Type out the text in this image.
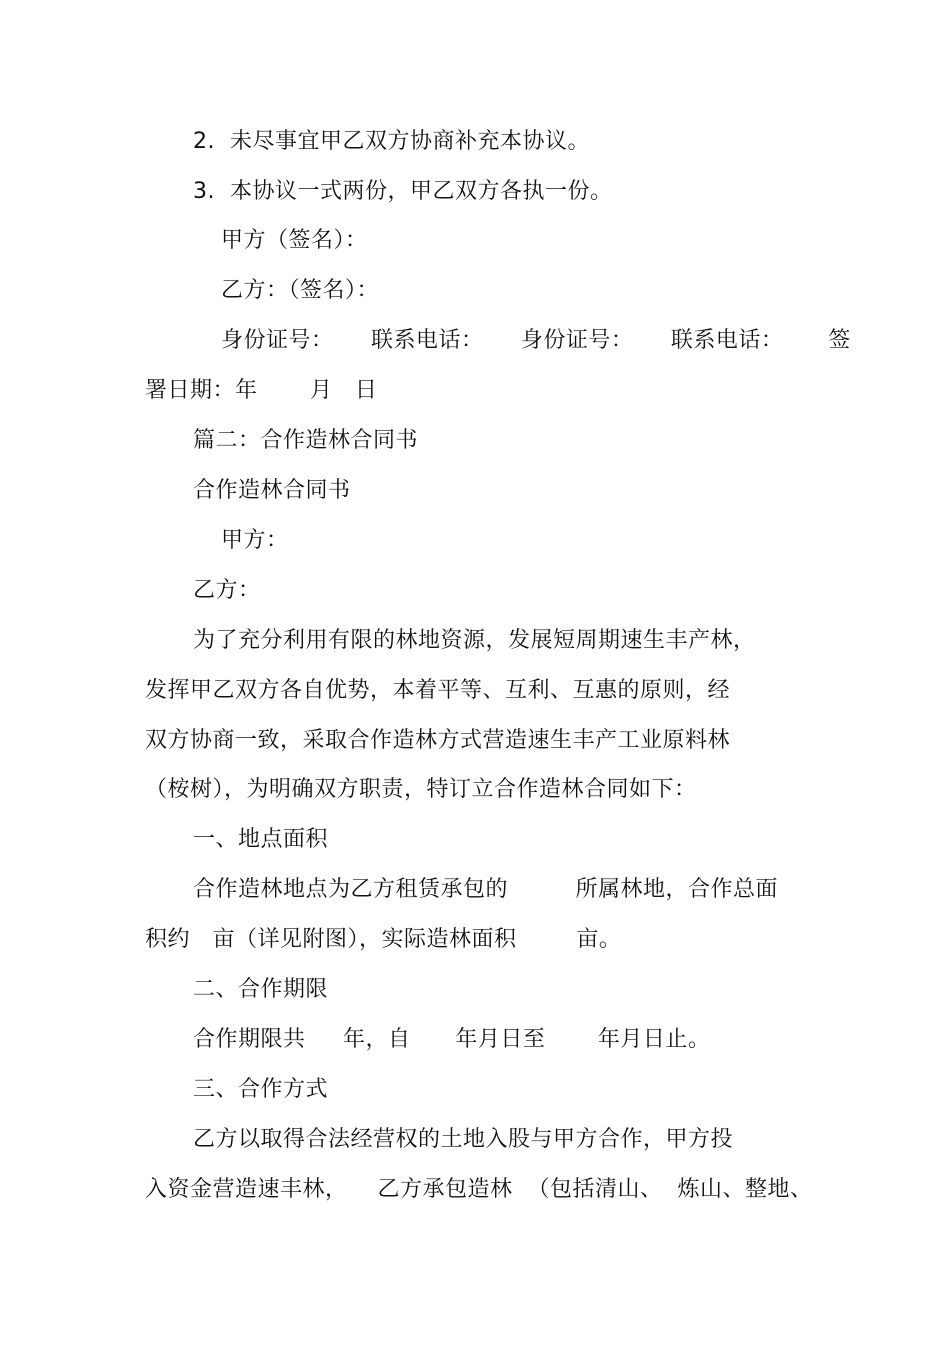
2.  未尽事宜甲乙双方协商补充本协议。
3.  本协议一式两份，甲乙双方各执一份。
甲方（签名）：
乙方：（签名）：
身份证号：     联系电话：     身份证号：     联系电话：      签
署日期：年       月   日
篇二：合作造林合同书
合作造林合同书
甲方：
乙方：
为了充分利用有限的林地资源，发展短周期速生丰产林，
发挥甲乙双方各自优势，本着平等、互利、互惠的原则，经
双方协商一致，采取合作造林方式营造速生丰产工业原料林
（桉树），为明确双方职责，特订立合作造林合同如下：
一、地点面积
合作造林地点为乙方租赁承包的         所属林地，合作总面
积约   亩（详见附图），实际造林面积        亩。
二、合作期限
合作期限共     年，自      年月日至       年月日止。
三、合作方式
乙方以取得合法经营权的土地入股与甲方合作，甲方投
入资金营造速丰林，    乙方承包造林  （包括清山、  炼山、整地、
